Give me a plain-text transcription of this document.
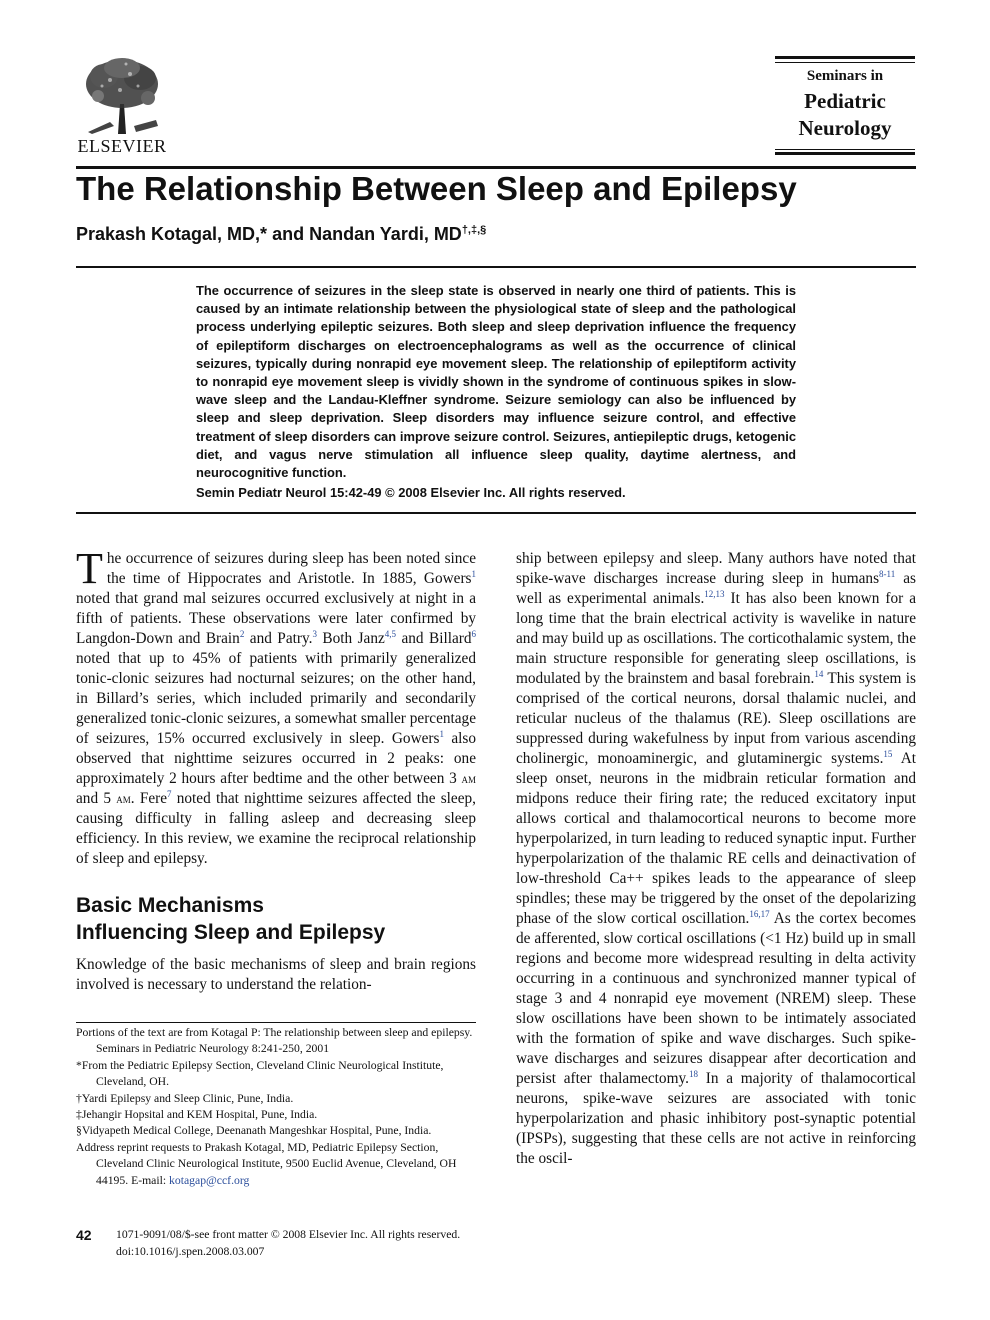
ELSEVIER
Seminars in
Pediatric
Neurology
The Relationship Between Sleep and Epilepsy
Prakash Kotagal, MD,* and Nandan Yardi, MD†,‡,§
The occurrence of seizures in the sleep state is observed in nearly one third of patients. This is caused by an intimate relationship between the physiological state of sleep and the pathological process underlying epileptic seizures. Both sleep and sleep deprivation influence the frequency of epileptiform discharges on electroencephalograms as well as the occurrence of clinical seizures, typically during nonrapid eye movement sleep. The relationship of epileptiform activity to nonrapid eye movement sleep is vividly shown in the syndrome of continuous spikes in slow-wave sleep and the Landau-Kleffner syndrome. Seizure semiology can also be influenced by sleep and sleep deprivation. Sleep disorders may influence seizure control, and effective treatment of sleep disorders can improve seizure control. Seizures, antiepileptic drugs, ketogenic diet, and vagus nerve stimulation all influence sleep quality, daytime alertness, and neurocognitive function.
Semin Pediatr Neurol 15:42-49 © 2008 Elsevier Inc. All rights reserved.

The occurrence of seizures during sleep has been noted since the time of Hippocrates and Aristotle. In 1885, Gowers$^1$ noted that grand mal seizures occurred exclusively at night in a fifth of patients. These observations were later confirmed by Langdon-Down and Brain$^2$ and Patry.$^3$ Both Janz$^{4,5}$ and Billard$^6$ noted that up to 45% of patients with primarily generalized tonic-clonic seizures had nocturnal seizures; on the other hand, in Billard’s series, which included primarily and secondarily generalized tonic-clonic seizures, a somewhat smaller percentage of seizures, 15% occurred exclusively in sleep. Gowers$^1$ also observed that nighttime seizures occurred in 2 peaks: one approximately 2 hours after bedtime and the other between 3 am and 5 am. Fere$^7$ noted that nighttime seizures affected the sleep, causing difficulty in falling asleep and decreasing sleep efficiency. In this review, we examine the reciprocal relationship of sleep and epilepsy.

Basic Mechanisms
Influencing Sleep and Epilepsy
Knowledge of the basic mechanisms of sleep and brain regions involved is necessary to understand the relation-
Portions of the text are from Kotagal P: The relationship between sleep and epilepsy. Seminars in Pediatric Neurology 8:241-250, 2001
*From the Pediatric Epilepsy Section, Cleveland Clinic Neurological Institute, Cleveland, OH.
†Yardi Epilepsy and Sleep Clinic, Pune, India.
‡Jehangir Hopsital and KEM Hospital, Pune, India.
§Vidyapeth Medical College, Deenanath Mangeshkar Hospital, Pune, India.
Address reprint requests to Prakash Kotagal, MD, Pediatric Epilepsy Section, Cleveland Clinic Neurological Institute, 9500 Euclid Avenue, Cleveland, OH 44195. E-mail: kotagap@ccf.org

ship between epilepsy and sleep. Many authors have noted that spike-wave discharges increase during sleep in humans$^{8-11}$ as well as experimental animals.$^{12,13}$ It has also been known for a long time that the brain electrical activity is wavelike in nature and may build up as oscillations. The corticothalamic system, the main structure responsible for generating sleep oscillations, is modulated by the brainstem and basal forebrain.$^{14}$ This system is comprised of the cortical neurons, dorsal thalamic nuclei, and reticular nucleus of the thalamus (RE). Sleep oscillations are suppressed during wakefulness by input from various ascending cholinergic, monoaminergic, and glutaminergic systems.$^{15}$ At sleep onset, neurons in the midbrain reticular formation and midpons reduce their firing rate; the reduced excitatory input allows cortical and thalamocortical neurons to become more hyperpolarized, in turn leading to reduced synaptic input. Further hyperpolarization of the thalamic RE cells and deinactivation of low-threshold Ca++ spikes leads to the appearance of sleep spindles; these may be triggered by the onset of the depolarizing phase of the slow cortical oscillation.$^{16,17}$ As the cortex becomes de afferented, slow cortical oscillations (<1 Hz) build up in small regions and become more widespread resulting in delta activity occurring in a continuous and synchronized manner typical of stage 3 and 4 nonrapid eye movement (NREM) sleep. These slow oscillations have been shown to be intimately associated with the formation of spike and wave discharges. Such spike-wave discharges and seizures disappear after decortication and persist after thalamectomy.$^{18}$ In a majority of thalamocortical neurons, spike-wave seizures are associated with tonic hyperpolarization and phasic inhibitory post-synaptic potential (IPSPs), suggesting that these cells are not active in reinforcing the oscil-

42 1071-9091/08/$-see front matter © 2008 Elsevier Inc. All rights reserved.
doi:10.1016/j.spen.2008.03.007
